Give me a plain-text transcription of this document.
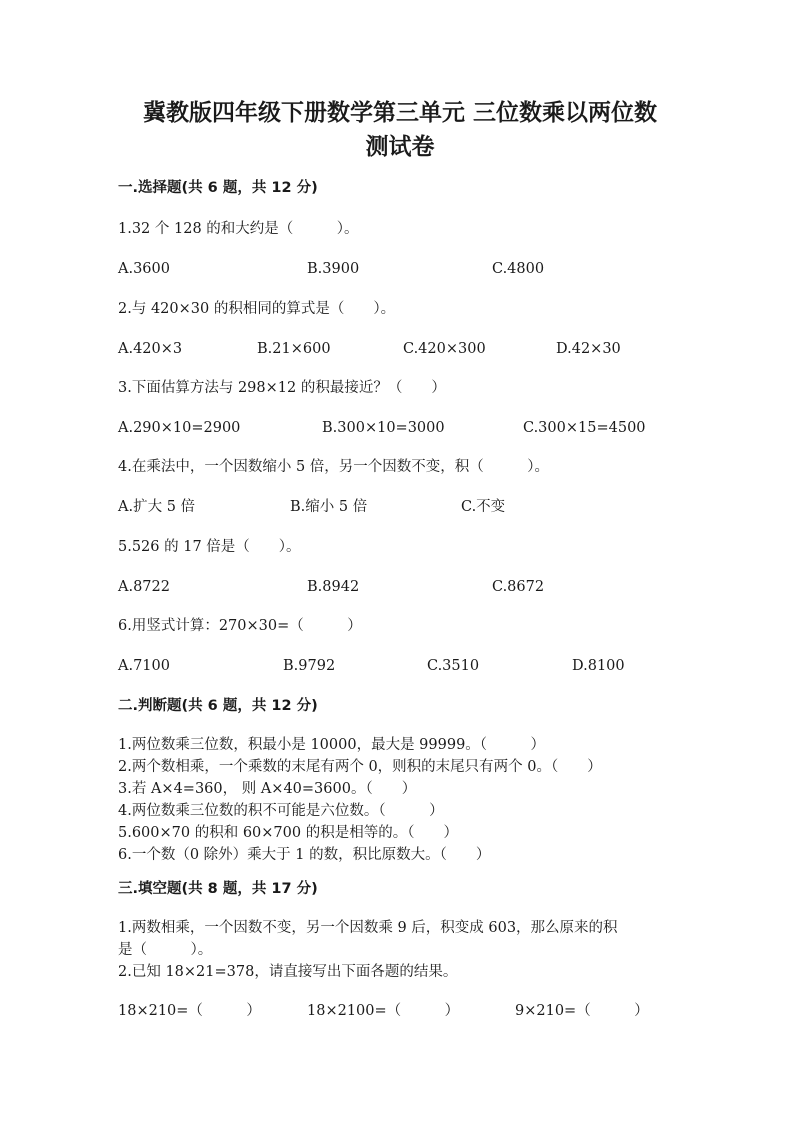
冀教版四年级下册数学第三单元 三位数乘以两位数
测试卷
一.选择题(共 6 题，共 12 分)
1.32 个 128 的和大约是（　　　）。
A.3600	B.3900	C.4800
2.与 420×30 的积相同的算式是（　　）。
A.420×3	B.21×600	C.420×300	D.42×30
3.下面估算方法与 298×12 的积最接近？（　　）
A.290×10=2900	B.300×10=3000	C.300×15=4500
4.在乘法中，一个因数缩小 5 倍，另一个因数不变，积（　　　）。
A.扩大 5 倍	B.缩小 5 倍	C.不变
5.526 的 17 倍是（　　）。
A.8722	B.8942	C.8672
6.用竖式计算：270×30=（　　　）
A.7100	B.9792	C.3510	D.8100
二.判断题(共 6 题，共 12 分)
1.两位数乘三位数，积最小是 10000，最大是 99999。（　　　）
2.两个数相乘，一个乘数的末尾有两个 0，则积的末尾只有两个 0。（　　）
3.若 A×4=360， 则 A×40=3600。（　　）
4.两位数乘三位数的积不可能是六位数。（　　　）
5.600×70 的积和 60×700 的积是相等的。（　　）
6.一个数（0 除外）乘大于 1 的数，积比原数大。（　　）
三.填空题(共 8 题，共 17 分)
1.两数相乘，一个因数不变，另一个因数乘 9 后，积变成 603，那么原来的积
是（　　　）。
2.已知 18×21=378，请直接写出下面各题的结果。
18×210=（　　　）	18×2100=（　　　）	9×210=（　　　）
